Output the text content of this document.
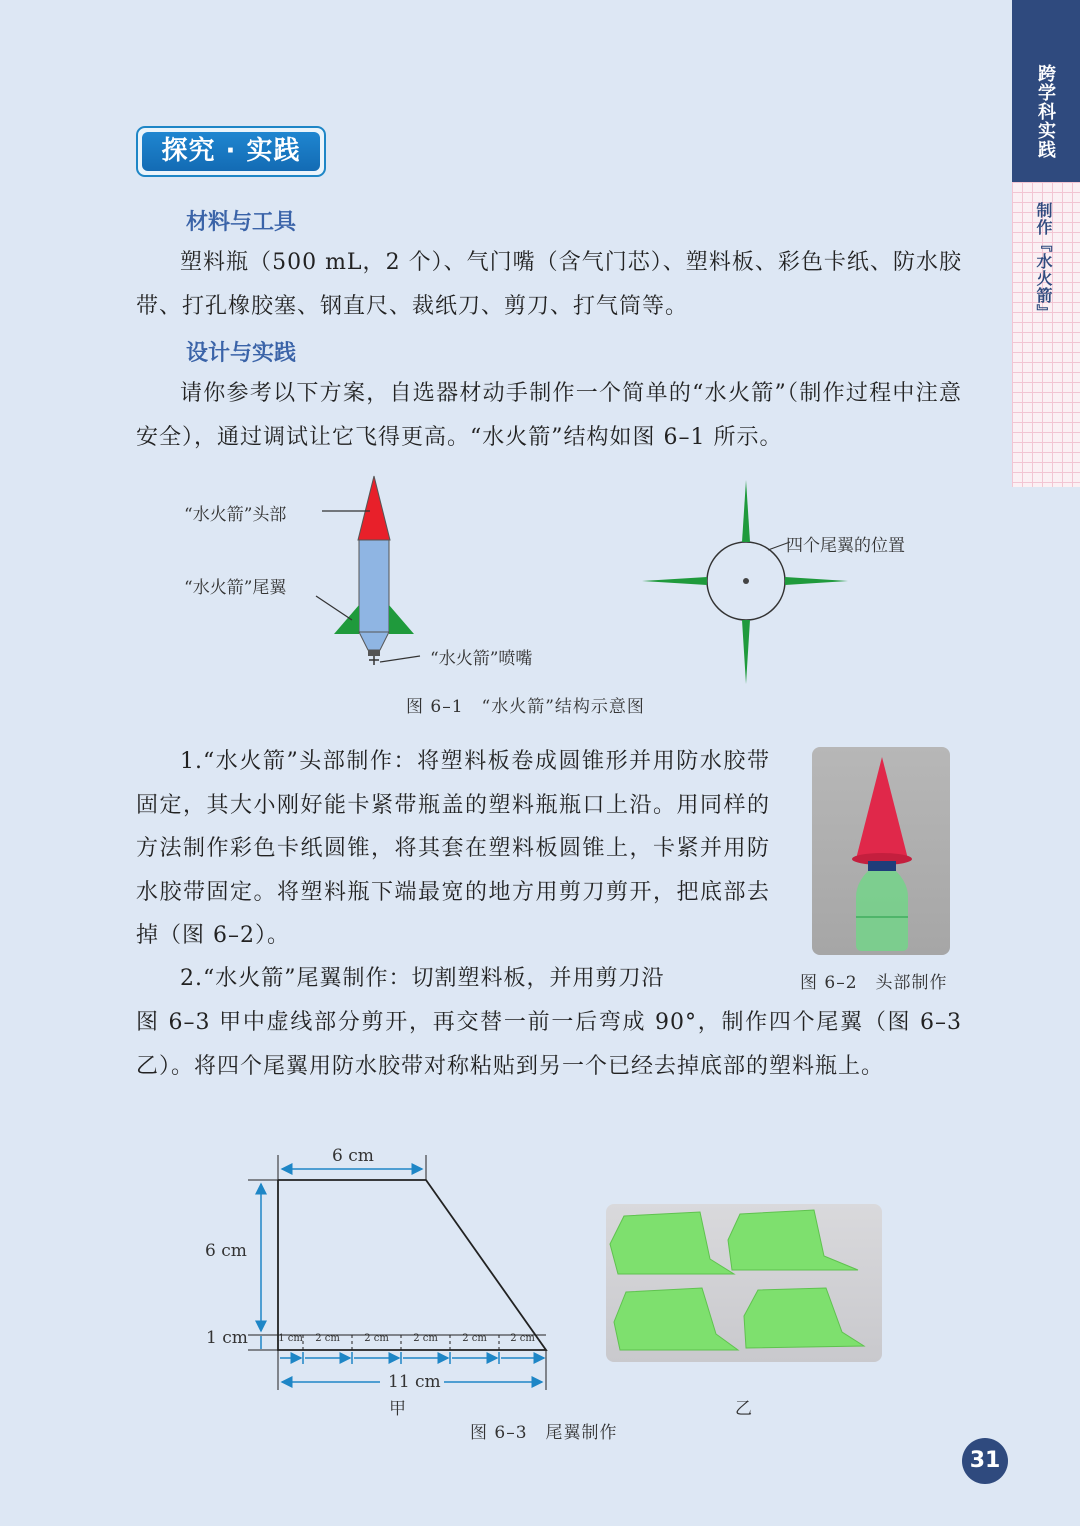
跨学科实践
制作『水火箭』
探究 · 实践
材料与工具

塑料瓶（500 mL，2 个）、气门嘴（含气门芯）、塑料板、彩色卡纸、防水胶带、打孔橡胶塞、钢直尺、裁纸刀、剪刀、打气筒等。

设计与实践

请你参考以下方案，自选器材动手制作一个简单的“水火箭”（制作过程中注意安全），通过调试让它飞得更高。“水火箭”结构如图 6–1 所示。

“水火箭”头部
“水火箭”尾翼
“水火箭”喷嘴
四个尾翼的位置
图 6–1　“水火箭”结构示意图

1.“水火箭”头部制作：将塑料板卷成圆锥形并用防水胶带固定，其大小刚好能卡紧带瓶盖的塑料瓶瓶口上沿。用同样的方法制作彩色卡纸圆锥，将其套在塑料板圆锥上，卡紧并用防水胶带固定。将塑料瓶下端最宽的地方用剪刀剪开，把底部去掉（图 6–2）。

图 6–2　头部制作

2.“水火箭”尾翼制作：切割塑料板，并用剪刀沿

图 6–3 甲中虚线部分剪开，再交替一前一后弯成 90°，制作四个尾翼（图 6–3 乙）。将四个尾翼用防水胶带对称粘贴到另一个已经去掉底部的塑料瓶上。

6 cm
6 cm
1 cm	1 cm	2 cm	2 cm	2 cm	2 cm	2 cm
11 cm
甲	乙
图 6–3　尾翼制作
31
